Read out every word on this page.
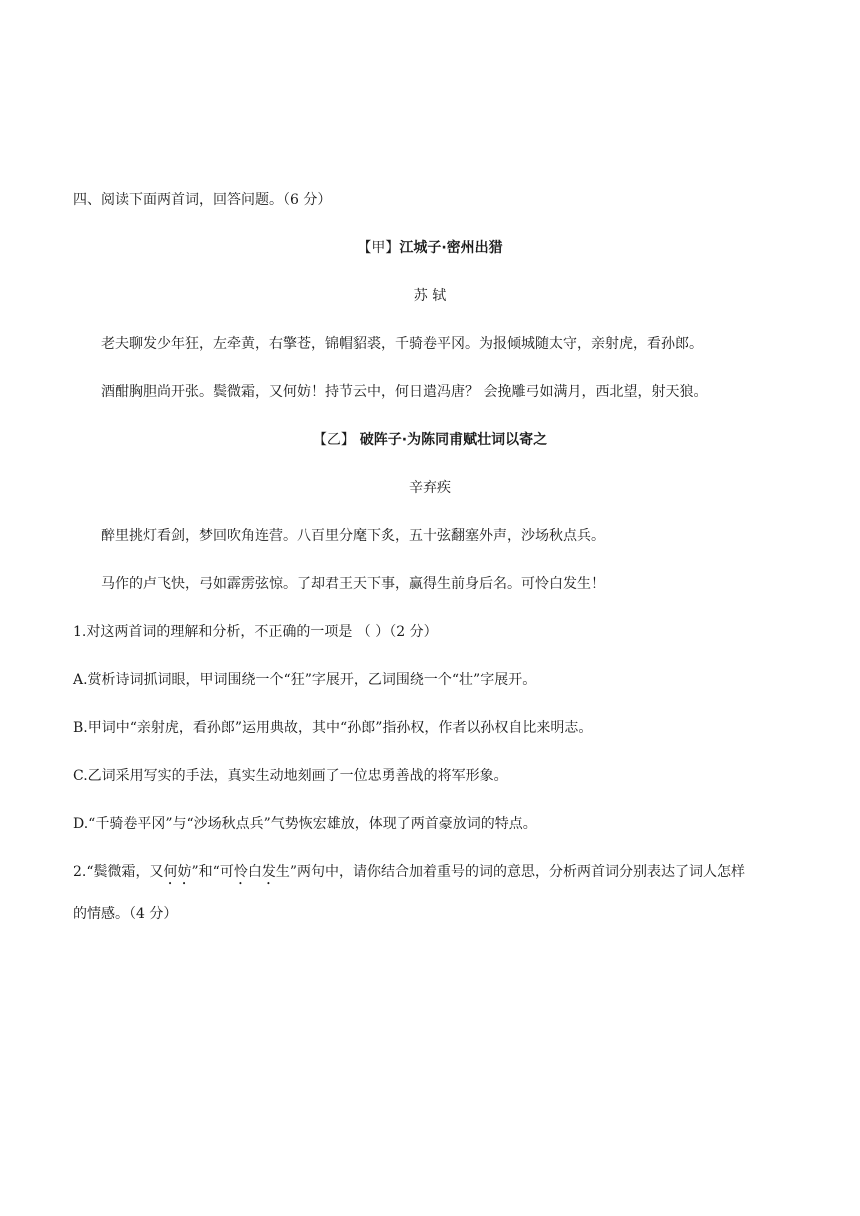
四、阅读下面两首词，回答问题。（6 分）
【甲】江城子·密州出猎
苏 轼
老夫聊发少年狂，左牵黄，右擎苍，锦帽貂裘，千骑卷平冈。为报倾城随太守，亲射虎，看孙郎。
酒酣胸胆尚开张。鬓微霜，又何妨！持节云中，何日遣冯唐？ 会挽雕弓如满月，西北望，射天狼。
【乙】 破阵子·为陈同甫赋壮词以寄之
辛弃疾
醉里挑灯看剑，梦回吹角连营。八百里分麾下炙，五十弦翻塞外声，沙场秋点兵。
马作的卢飞快，弓如霹雳弦惊。了却君王天下事，赢得生前身后名。可怜白发生！
1.对这两首词的理解和分析，不正确的一项是 （ ）（2 分）
A.赏析诗词抓词眼，甲词围绕一个“狂”字展开，乙词围绕一个“壮”字展开。
B.甲词中“亲射虎，看孙郎”运用典故，其中“孙郎”指孙权，作者以孙权自比来明志。
C.乙词采用写实的手法，真实生动地刻画了一位忠勇善战的将军形象。
D.“千骑卷平冈”与“沙场秋点兵”气势恢宏雄放，体现了两首豪放词的特点。
2.“鬓微霜，又何妨”和“可怜白发生”两句中，请你结合加着重号的词的意思，分析两首词分别表达了词人怎样
的情感。（4 分）
